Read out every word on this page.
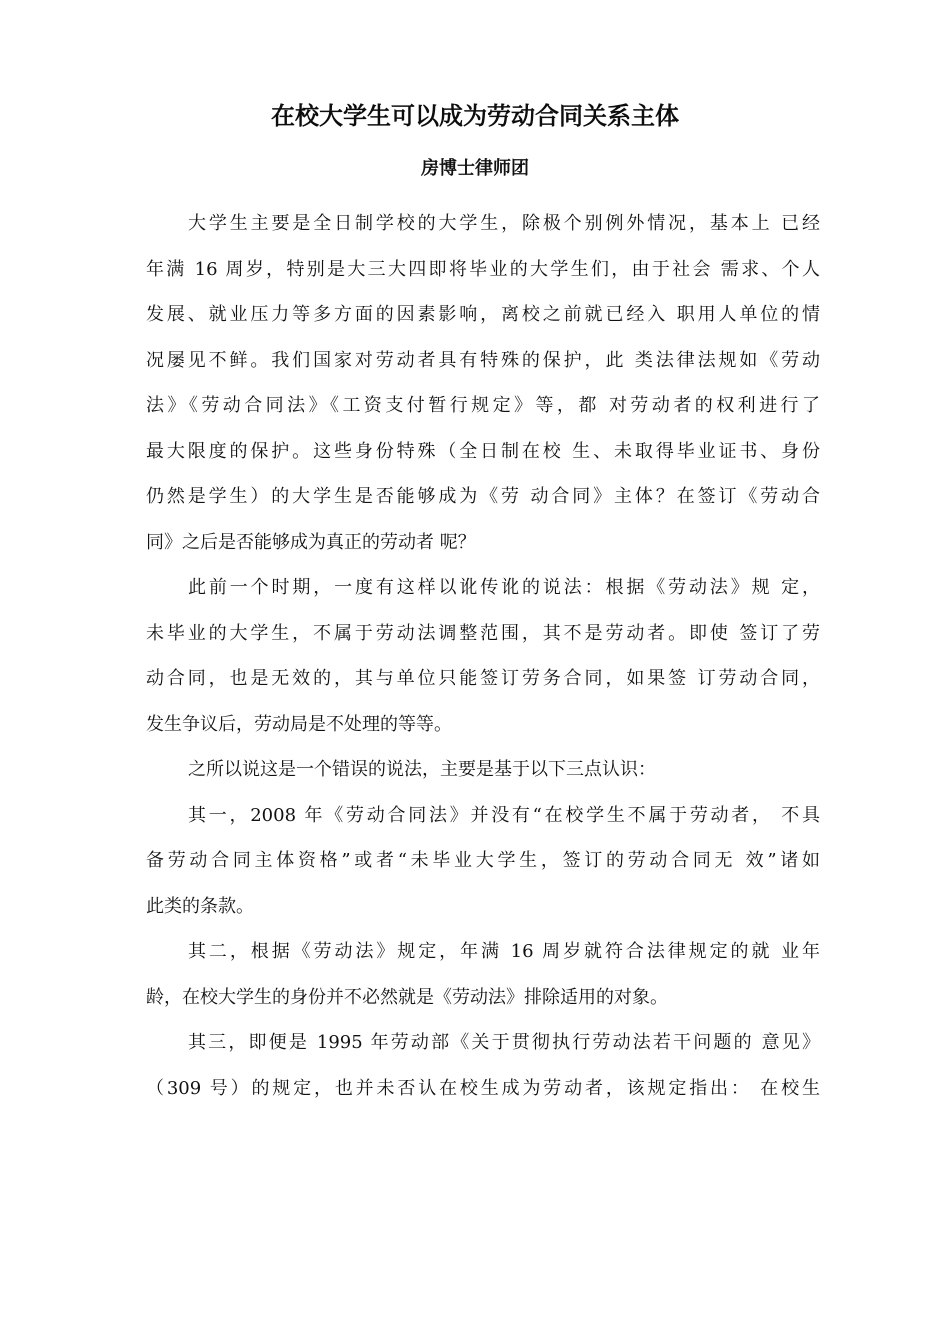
在校大学生可以成为劳动合同关系主体
房博士律师团

大学生主要是全日制学校的大学生，除极个别例外情况，基本上 已经
年满 16 周岁，特别是大三大四即将毕业的大学生们，由于社会 需求、个人
发展、就业压力等多方面的因素影响，离校之前就已经入 职用人单位的情
况屡见不鲜。我们国家对劳动者具有特殊的保护，此 类法律法规如《劳动
法》《劳动合同法》《工资支付暂行规定》等，都 对劳动者的权利进行了
最大限度的保护。这些身份特殊（全日制在校 生、未取得毕业证书、身份
仍然是学生）的大学生是否能够成为《劳 动合同》主体？在签订《劳动合
同》之后是否能够成为真正的劳动者 呢？

此前一个时期，一度有这样以讹传讹的说法：根据《劳动法》规 定，
未毕业的大学生，不属于劳动法调整范围，其不是劳动者。即使 签订了劳
动合同，也是无效的，其与单位只能签订劳务合同，如果签 订劳动合同，
发生争议后，劳动局是不处理的等等。

之所以说这是一个错误的说法，主要是基于以下三点认识：

其一，2008 年《劳动合同法》并没有“在校学生不属于劳动者， 不具
备劳动合同主体资格”或者“未毕业大学生，签订的劳动合同无 效”诸如
此类的条款。

其二，根据《劳动法》规定，年满 16 周岁就符合法律规定的就 业年
龄，在校大学生的身份并不必然就是《劳动法》排除适用的对象。

其三，即便是 1995 年劳动部《关于贯彻执行劳动法若干问题的 意见》
（309 号）的规定，也并未否认在校生成为劳动者，该规定指出： 在校生
